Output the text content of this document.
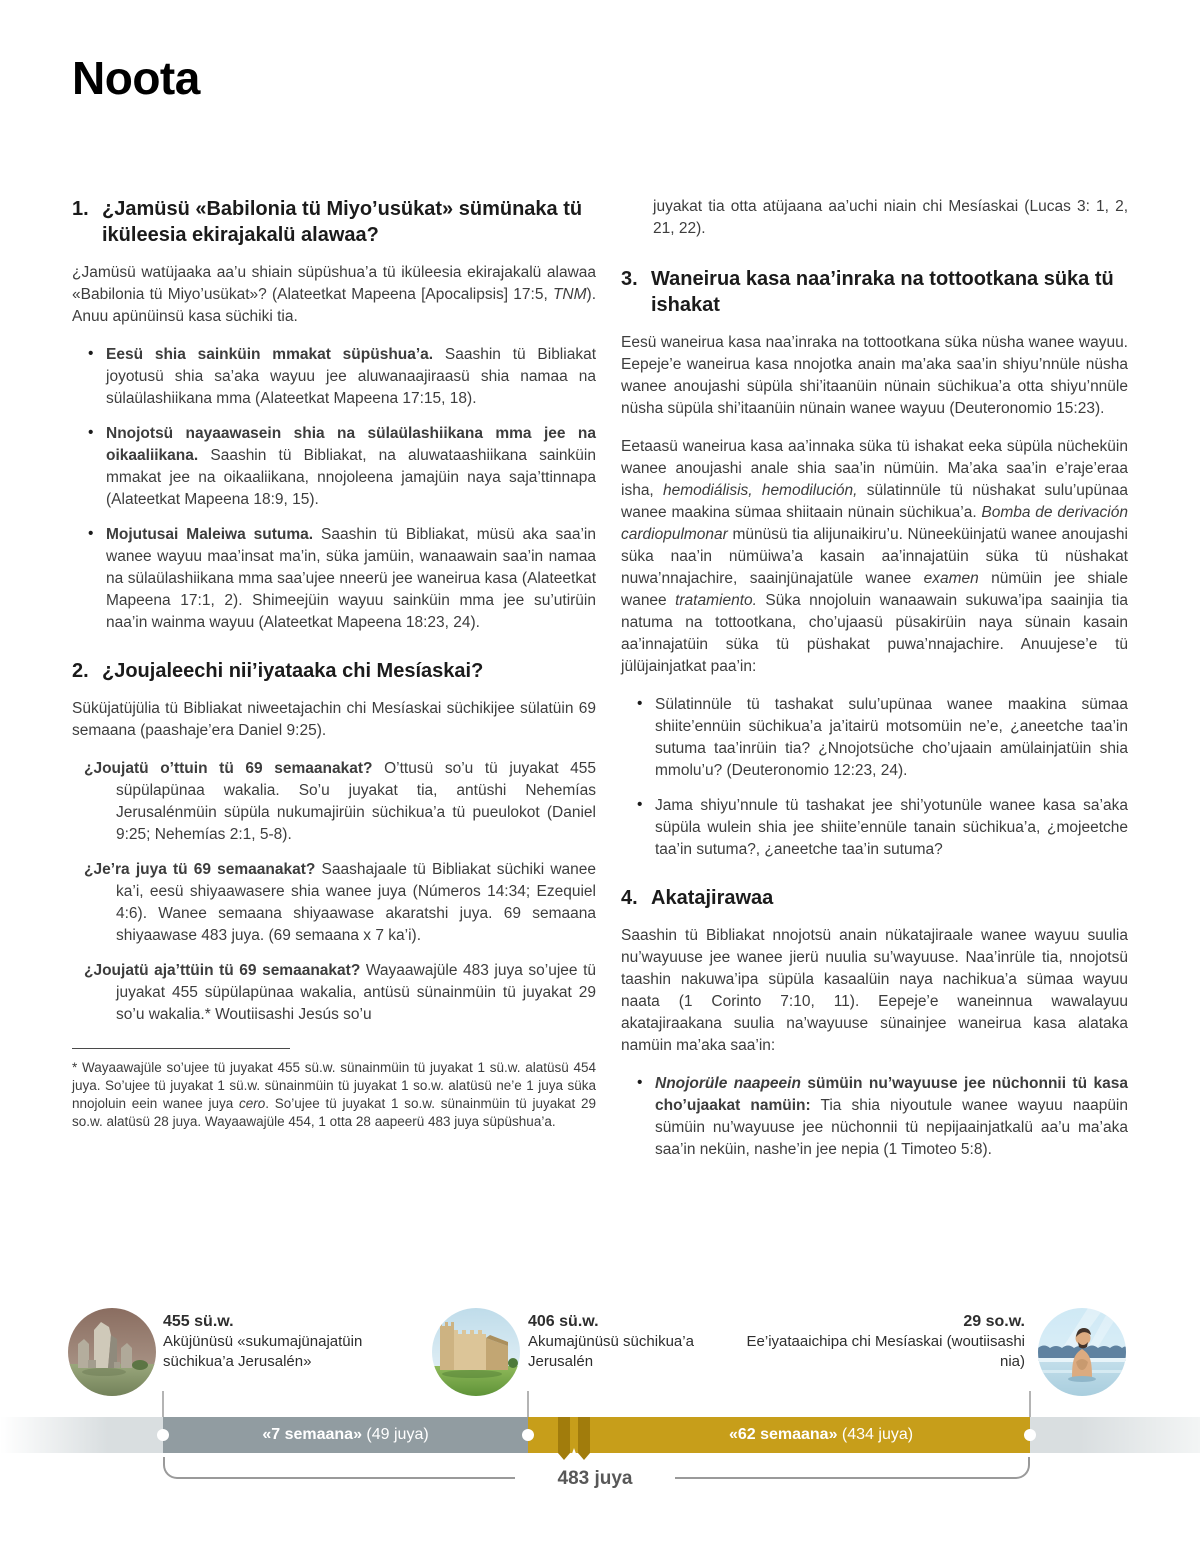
Noota
1. ¿Jamüsü «Babilonia tü Miyo’usükat» sümünaka tü iküleesia ekirajakalü alawaa?

¿Jamüsü watüjaaka aa’u shiain süpüshua’a tü iküleesia ekirajakalü alawaa «Babilonia tü Miyo’usükat»? (Alateetkat Mapeena [Apocalipsis] 17:5, TNM). Anuu apünüinsü kasa süchiki tia.

• Eesü shia sainküin mmakat süpüshua’a. Saashin tü Bibliakat joyotusü shia sa’aka wayuu jee aluwanaajiraasü shia namaa na sülaülashiikana mma (Alateetkat Mapeena 17:15, 18).
• Nnojotsü nayaawasein shia na sülaülashiikana mma jee na oikaaliikana. Saashin tü Bibliakat, na aluwataashiikana sainküin mmakat jee na oikaaliikana, nnojoleena jamajüin naya saja’ttinnapa (Alateetkat Mapeena 18:9, 15).
• Mojutusai Maleiwa sutuma. Saashin tü Bibliakat, müsü aka saa’in wanee wayuu maa’insat ma’in, süka jamüin, wanaawain saa’in namaa na sülaülashiikana mma saa’ujee nneerü jee waneirua kasa (Alateetkat Mapeena 17:1, 2). Shimeejüin wayuu sainküin mma jee su’utirüin naa’in wainma wayuu (Alateetkat Mapeena 18:23, 24).
2. ¿Joujaleechi nii’iyataaka chi Mesíaskai?

Süküjatüjülia tü Bibliakat niweetajachin chi Mesíaskai süchikijee sülatüin 69 semaana (paashaje’era Daniel 9:25).

¿Joujatü o’ttuin tü 69 semaanakat? O’ttusü so’u tü juyakat 455 süpülapünaa wakalia. So’u juyakat tia, antüshi Nehemías Jerusalénmüin süpüla nukumajirüin süchikua’a tü pueulokot (Daniel 9:25; Nehemías 2:1, 5-8).
¿Je’ra juya tü 69 semaanakat? Saashajaale tü Bibliakat süchiki wanee ka’i, eesü shiyaawasere shia wanee juya (Números 14:34; Ezequiel 4:6). Wanee semaana shiyaawase akaratshi juya. 69 semaana shiyaawase 483 juya. (69 semaana x 7 ka’i).
¿Joujatü aja’ttüin tü 69 semaanakat? Wayaawajüle 483 juya so’ujee tü juyakat 455 süpülapünaa wakalia, antüsü sünainmüin tü juyakat 29 so’u wakalia.* Woutiisashi Jesús so’u

* Wayaawajüle so’ujee tü juyakat 455 sü.w. sünainmüin tü juyakat 1 sü.w. alatüsü 454 juya. So’ujee tü juyakat 1 sü.w. sünainmüin tü juyakat 1 so.w. alatüsü ne’e 1 juya süka nnojoluin eein wanee juya cero. So’ujee tü juyakat 1 so.w. sünainmüin tü juyakat 29 so.w. alatüsü 28 juya. Wayaawajüle 454, 1 otta 28 aapeerü 483 juya süpüshua’a.

juyakat tia otta atüjaana aa’uchi niain chi Mesíaskai (Lucas 3: 1, 2, 21, 22).

3. Waneirua kasa naa’inraka na tottootkana süka tü ishakat

Eesü waneirua kasa naa’inraka na tottootkana süka nüsha wanee wayuu. Eepeje’e waneirua kasa nnojotka anain ma’aka saa’in shiyu’nnüle nüsha wanee anoujashi süpüla shi’itaanüin nünain süchikua’a otta shiyu’nnüle nüsha süpüla shi’itaanüin nünain wanee wayuu (Deuteronomio 15:23).

Eetaasü waneirua kasa aa’innaka süka tü ishakat eeka süpüla nücheküin wanee anoujashi anale shia saa’in nümüin. Ma’aka saa’in e’raje’eraa isha, hemodiálisis, hemodilución, sülatinnüle tü nüshakat sulu’upünaa wanee maakina sümaa shiitaain nünain süchikua’a. Bomba de derivación cardiopulmonar münüsü tia alijunaikiru’u. Nüneeküinjatü wanee anoujashi süka naa’in nümüiwa’a kasain aa’innajatüin süka tü nüshakat nuwa’nnajachire, saainjünajatüle wanee examen nümüin jee shiale wanee tratamiento. Süka nnojoluin wanaawain sukuwa’ipa saainjia tia natuma na tottootkana, cho’ujaasü püsakirüin naya sünain kasain aa’innajatüin süka tü püshakat puwa’nnajachire. Anuujese’e tü jülüjainjatkat paa’in:

• Sülatinnüle tü tashakat sulu’upünaa wanee maakina sümaa shiite’ennüin süchikua’a ja’itairü motsomüin ne’e, ¿aneetche taa’in sutuma taa’inrüin tia? ¿Nnojotsüche cho’ujaain amülainjatüin shia mmolu’u? (Deuteronomio 12:23, 24).
• Jama shiyu’nnule tü tashakat jee shi’yotunüle wanee kasa sa’aka süpüla wulein shia jee shiite’ennüle tanain süchikua’a, ¿mojeetche taa’in sutuma?, ¿aneetche taa’in sutuma?
4. Akatajirawaa

Saashin tü Bibliakat nnojotsü anain nükatajiraale wanee wayuu suulia nu’wayuuse jee wanee jierü nuulia su’wayuuse. Naa’inrüle tia, nnojotsü taashin nakuwa’ipa süpüla kasaalüin naya nachikua’a sümaa wayuu naata (1 Corinto 7:10, 11). Eepeje’e waneinnua wawalayuu akatajiraakana suulia na’wayuuse sünainjee waneirua kasa alataka namüin ma’aka saa’in:

• Nnojorüle naapeein sümüin nu’wayuuse jee nüchonnii tü kasa cho’ujaakat namüin: Tia shia niyoutule wanee wayuu naapüin sümüin nu’wayuuse jee nüchonnii tü nepijaainjatkalü aa’u ma’aka saa’in neküin, nashe’in jee nepia (1 Timoteo 5:8).
455 sü.w.
Aküjünüsü «sukumajünajatüin süchikua’a Jerusalén»
406 sü.w.
Akumajünüsü süchikua’a Jerusalén
29 so.w.
Ee’iyataaichipa chi Mesíaskai (woutiisashi nia)
«7 semaana» (49 juya)	«62 semaana» (434 juya)
483 juya
